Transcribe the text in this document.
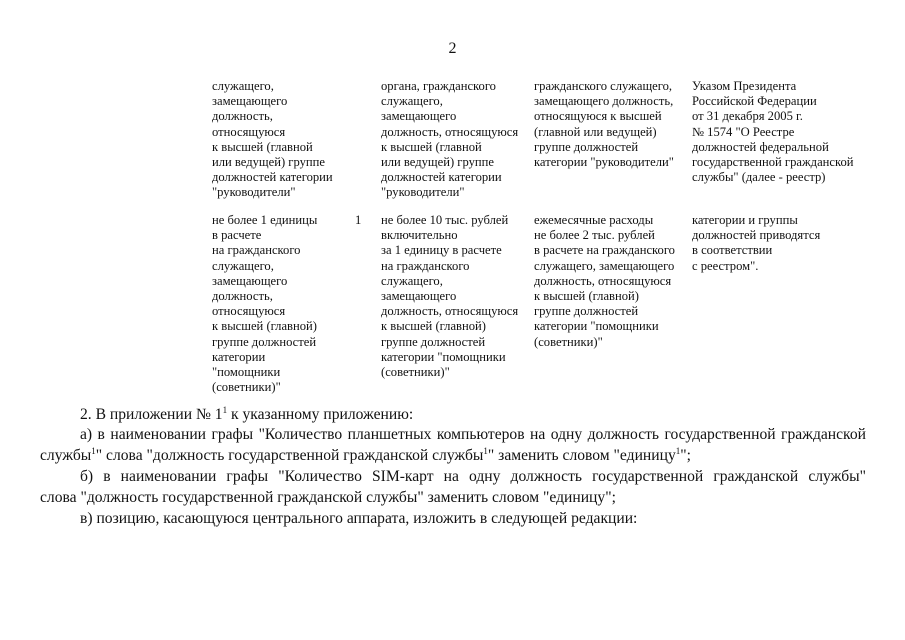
2
служащего,
замещающего
должность,
относящуюся
к высшей (главной
или ведущей) группе
должностей категории
"руководители"
органа, гражданского
служащего,
замещающего
должность, относящуюся
к высшей (главной
или ведущей) группе
должностей категории
"руководители"
гражданского служащего,
замещающего должность,
относящуюся к высшей
(главной или ведущей)
группе должностей
категории "руководители"
Указом Президента
Российской Федерации
от 31 декабря 2005 г.
№ 1574 "О Реестре
должностей федеральной
государственной гражданской
службы" (далее - реестр)
не более 1 единицы
в расчете
на гражданского
служащего,
замещающего
должность,
относящуюся
к высшей (главной)
группе должностей
категории
"помощники
(советники)"
1 не более 10 тыс. рублей
включительно
за 1 единицу в расчете
на гражданского
служащего,
замещающего
должность, относящуюся
к высшей (главной)
группе должностей
категории "помощники
(советники)"
ежемесячные расходы
не более 2 тыс. рублей
в расчете на гражданского
служащего, замещающего
должность, относящуюся
к высшей (главной)
группе должностей
категории "помощники
(советники)"
категории и группы
должностей приводятся
в соответствии
с реестром".
2. В приложении № $1^1$ к указанному приложению:
а) в наименовании графы "Количество планшетных компьютеров на одну должность государственной гражданской
службы$^1$" слова "должность государственной гражданской службы$^1$" заменить словом "единицу$^1$";
б) в наименовании графы "Количество SIM-карт на одну должность государственной гражданской службы"
слова "должность государственной гражданской службы" заменить словом "единицу";
в) позицию, касающуюся центрального аппарата, изложить в следующей редакции:
